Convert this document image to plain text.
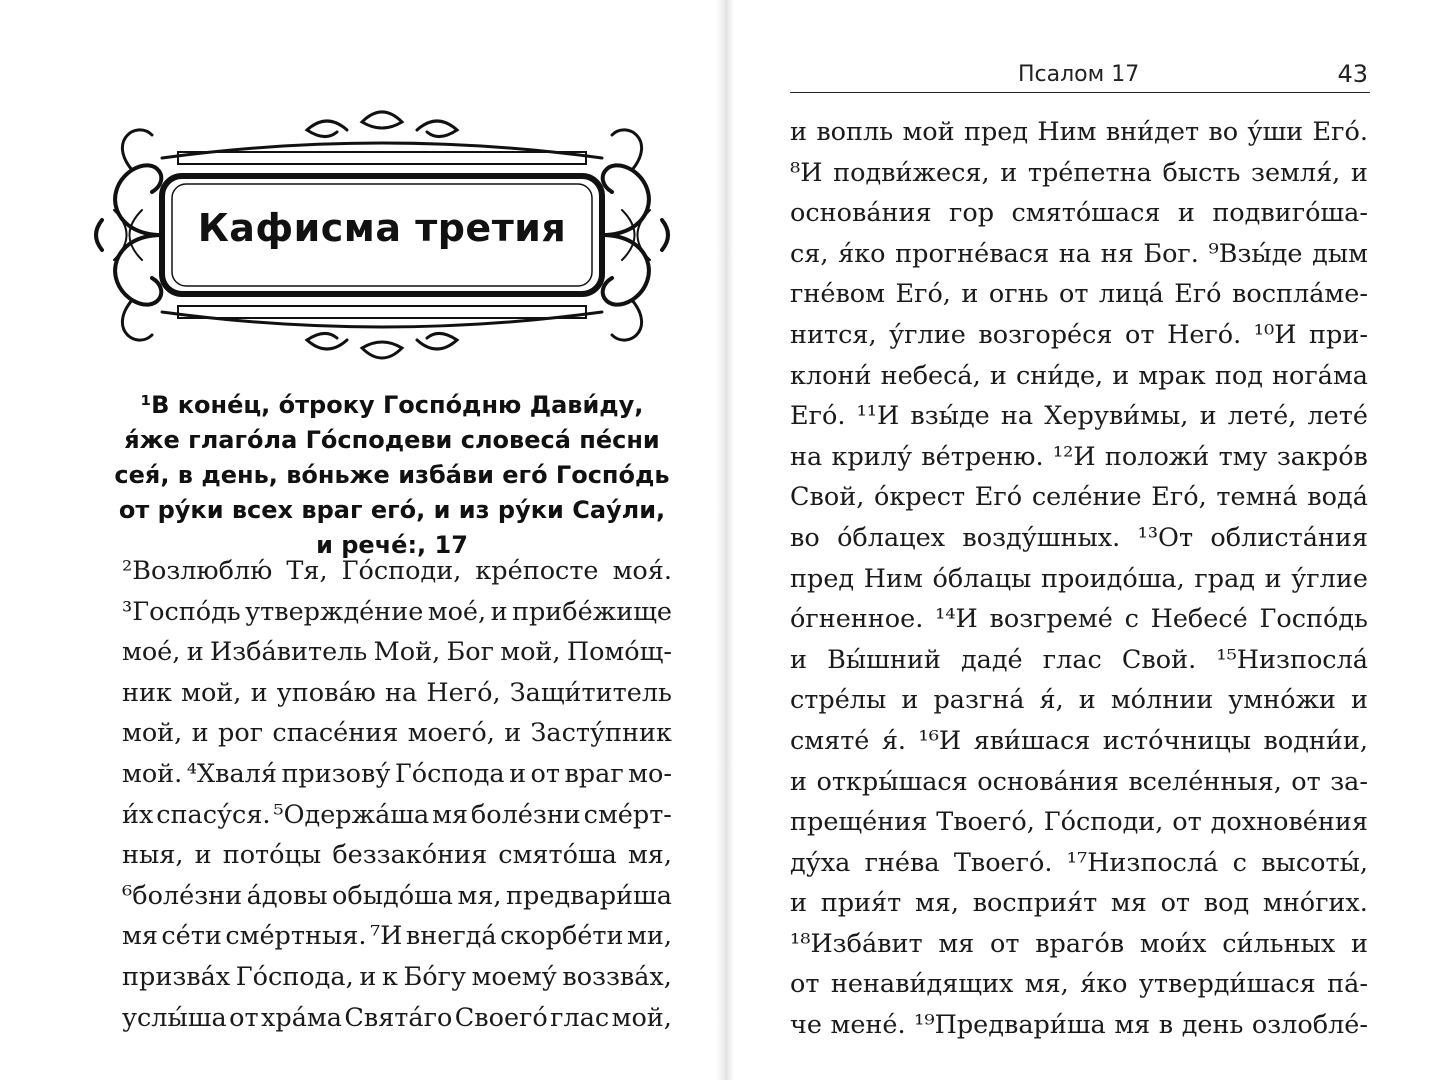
Кафисма третия
¹В коне́ц, о́троку Госпо́дню Дави́ду,
я́же глаго́ла Го́сподеви словеса́ пе́сни
сея́, в день, во́ньже изба́ви его́ Госпо́дь
от ру́ки всех враг его́, и из ру́ки Сау́ли,
и рече́:, 17
²Возлюблю́ Тя, Го́споди, кре́посте моя́.
³Госпо́дь утвержде́ние мое́, и прибе́жище
мое́, и Изба́витель Мой, Бог мой, Помо́щ-
ник мой, и упова́ю на Него́, Защи́титель
мой, и рог спасе́ния моего́, и Засту́пник
мой. ⁴Хваля́ призову́ Го́спода и от враг мо-
и́х спасу́ся. ⁵Одержа́ша мя боле́зни сме́рт-
ныя, и пото́цы беззако́ния смято́ша мя,
⁶боле́зни а́довы обыдо́ша мя, предвари́ша
мя се́ти сме́ртныя. ⁷И внегда́ скорбе́ти ми,
призва́х Го́спода, и к Бо́гу моему́ воззва́х,
услы́ша от хра́ма Свята́го Своего́ глас мой,
Псалом 17	43
и вопль мой пред Ним вни́дет во у́ши Его́.
⁸И подви́жеся, и тре́петна бысть земля́, и
основа́ния гор смято́шася и подвиго́ша-
ся, я́ко прогне́вася на ня Бог. ⁹Взы́де дым
гне́вом Его́, и огнь от лица́ Его́ воспла́ме-
нится, у́глие возгоре́ся от Него́. ¹⁰И при-
клони́ небеса́, и сни́де, и мрак под нога́ма
Его́. ¹¹И взы́де на Херуви́мы, и лете́, лете́
на крилу́ ве́треню. ¹²И положи́ тму закро́в
Свой, о́крест Его́ селе́ние Его́, темна́ вода́
во о́блацех возду́шных. ¹³От облиста́ния
пред Ним о́блацы проидо́ша, град и у́глие
о́гненное. ¹⁴И возгреме́ с Небесе́ Госпо́дь
и Вы́шний даде́ глас Свой. ¹⁵Низпосла́
стре́лы и разгна́ я́, и мо́лнии умно́жи и
смяте́ я́. ¹⁶И яви́шася исто́чницы водни́и,
и откры́шася основа́ния вселе́нныя, от за-
преще́ния Твоего́, Го́споди, от дохнове́ния
ду́ха гне́ва Твоего́. ¹⁷Низпосла́ с высоты́,
и прия́т мя, восприя́т мя от вод мно́гих.
¹⁸Изба́вит мя от враго́в мои́х си́льных и
от ненави́дящих мя, я́ко утверди́шася па́-
че мене́. ¹⁹Предвари́ша мя в день озлобле́-
